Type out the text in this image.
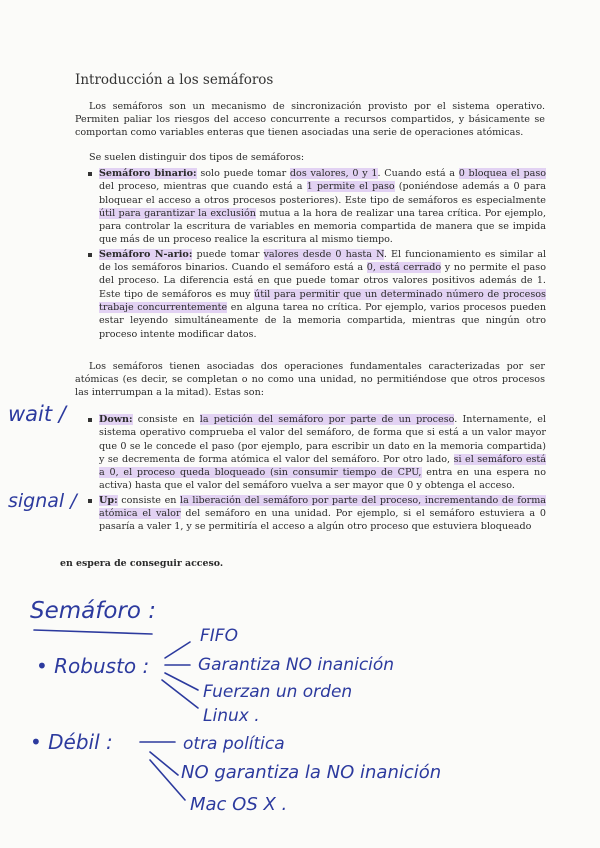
Introducción a los semáforos
Los semáforos son un mecanismo de sincronización provisto por el sistema operativo. Permiten paliar los riesgos del acceso concurrente a recursos compartidos, y básicamente se comportan como variables enteras que tienen asociadas una serie de operaciones atómicas.
Se suelen distinguir dos tipos de semáforos:
Semáforo binario: solo puede tomar dos valores, 0 y 1. Cuando está a 0 bloquea el paso del proceso, mientras que cuando está a 1 permite el paso (poniéndose además a 0 para bloquear el acceso a otros procesos posteriores). Este tipo de semáforos es especialmente útil para garantizar la exclusión mutua a la hora de realizar una tarea crítica. Por ejemplo, para controlar la escritura de variables en memoria compartida de manera que se impida que más de un proceso realice la escritura al mismo tiempo.
Semáforo N-ario: puede tomar valores desde 0 hasta N. El funcionamiento es similar al de los semáforos binarios. Cuando el semáforo está a 0, está cerrado y no permite el paso del proceso. La diferencia está en que puede tomar otros valores positivos además de 1. Este tipo de semáforos es muy útil para permitir que un determinado número de procesos trabaje concurrentemente en alguna tarea no crítica. Por ejemplo, varios procesos pueden estar leyendo simultáneamente de la memoria compartida, mientras que ningún otro proceso intente modificar datos.
Los semáforos tienen asociadas dos operaciones fundamentales caracterizadas por ser atómicas (es decir, se completan o no como una unidad, no permitiéndose que otros procesos las interrumpan a la mitad). Estas son:
Down: consiste en la petición del semáforo por parte de un proceso. Internamente, el sistema operativo comprueba el valor del semáforo, de forma que si está a un valor mayor que 0 se le concede el paso (por ejemplo, para escribir un dato en la memoria compartida) y se decrementa de forma atómica el valor del semáforo. Por otro lado, si el semáforo está a 0, el proceso queda bloqueado (sin consumir tiempo de CPU, entra en una espera no activa) hasta que el valor del semáforo vuelva a ser mayor que 0 y obtenga el acceso.
Up: consiste en la liberación del semáforo por parte del proceso, incrementando de forma atómica el valor del semáforo en una unidad. Por ejemplo, si el semáforo estuviera a 0 pasaría a valer 1, y se permitiría el acceso a algún otro proceso que estuviera bloqueado
en espera de conseguir acceso.
wait /
signal /
Semáforo :
• Robusto :
FIFO
Garantiza NO inanición
Fuerzan un orden
Linux .
• Débil :	otra política
NO garantiza la NO inanición
Mac OS X .
